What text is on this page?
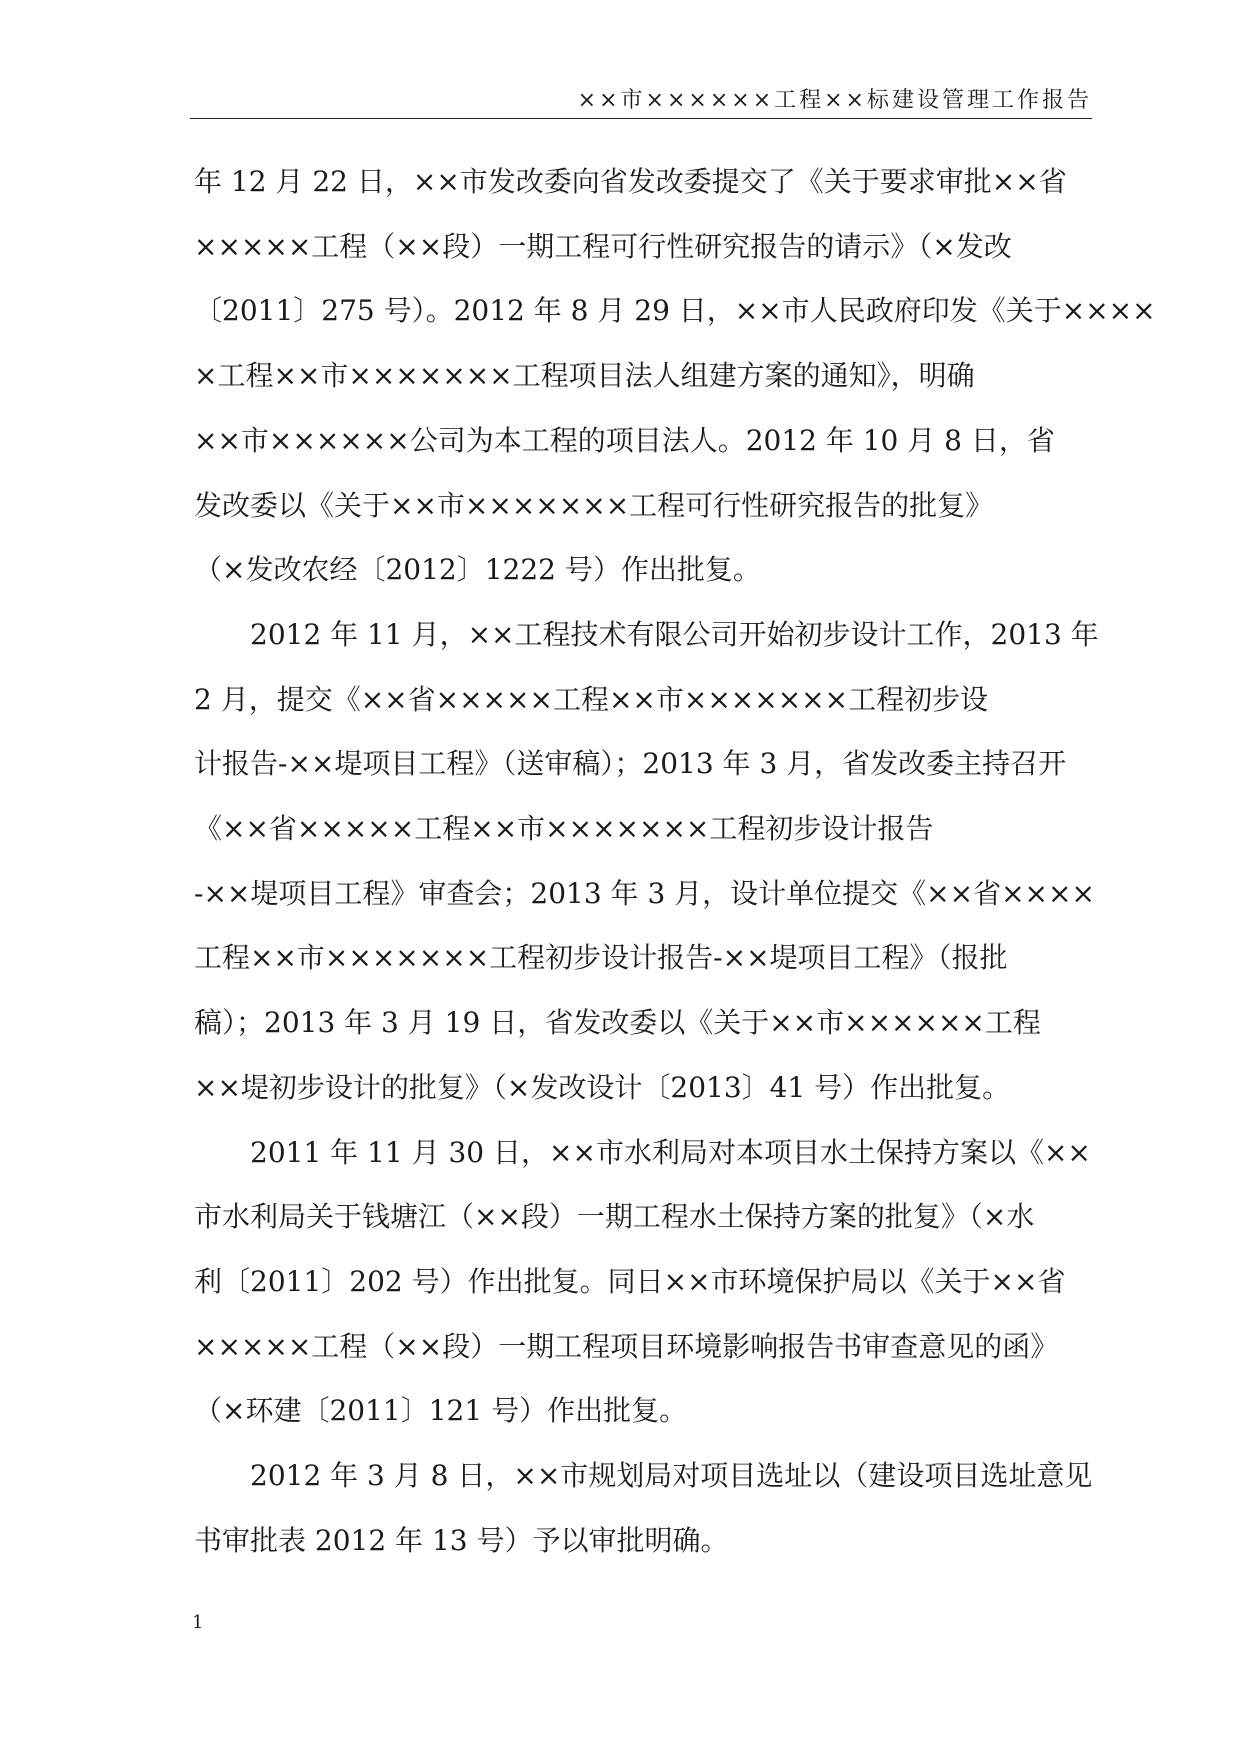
××市××××××工程××标建设管理工作报告

年 12 月 22 日，××市发改委向省发改委提交了《关于要求审批××省

×××××工程（××段）一期工程可行性研究报告的请示》（×发改

〔2011〕275 号）。2012 年 8 月 29 日，××市人民政府印发《关于××××

×工程××市×××××××工程项目法人组建方案的通知》，明确

××市××××××公司为本工程的项目法人。2012 年 10 月 8 日，省

发改委以《关于××市×××××××工程可行性研究报告的批复》

（×发改农经〔2012〕1222 号）作出批复。

2012 年 11 月，××工程技术有限公司开始初步设计工作，2013 年

2 月，提交《××省×××××工程××市×××××××工程初步设

计报告-××堤项目工程》（送审稿）；2013 年 3 月，省发改委主持召开

《××省×××××工程××市×××××××工程初步设计报告

-××堤项目工程》审查会；2013 年 3 月，设计单位提交《××省××××

工程××市×××××××工程初步设计报告-××堤项目工程》（报批

稿）；2013 年 3 月 19 日，省发改委以《关于××市××××××工程

××堤初步设计的批复》（×发改设计〔2013〕41 号）作出批复。

2011 年 11 月 30 日，××市水利局对本项目水土保持方案以《××

市水利局关于钱塘江（××段）一期工程水土保持方案的批复》（×水

利〔2011〕202 号）作出批复。同日××市环境保护局以《关于××省

×××××工程（××段）一期工程项目环境影响报告书审查意见的函》

（×环建〔2011〕121 号）作出批复。

2012 年 3 月 8 日，××市规划局对项目选址以（建设项目选址意见

书审批表 2012 年 13 号）予以审批明确。

1
